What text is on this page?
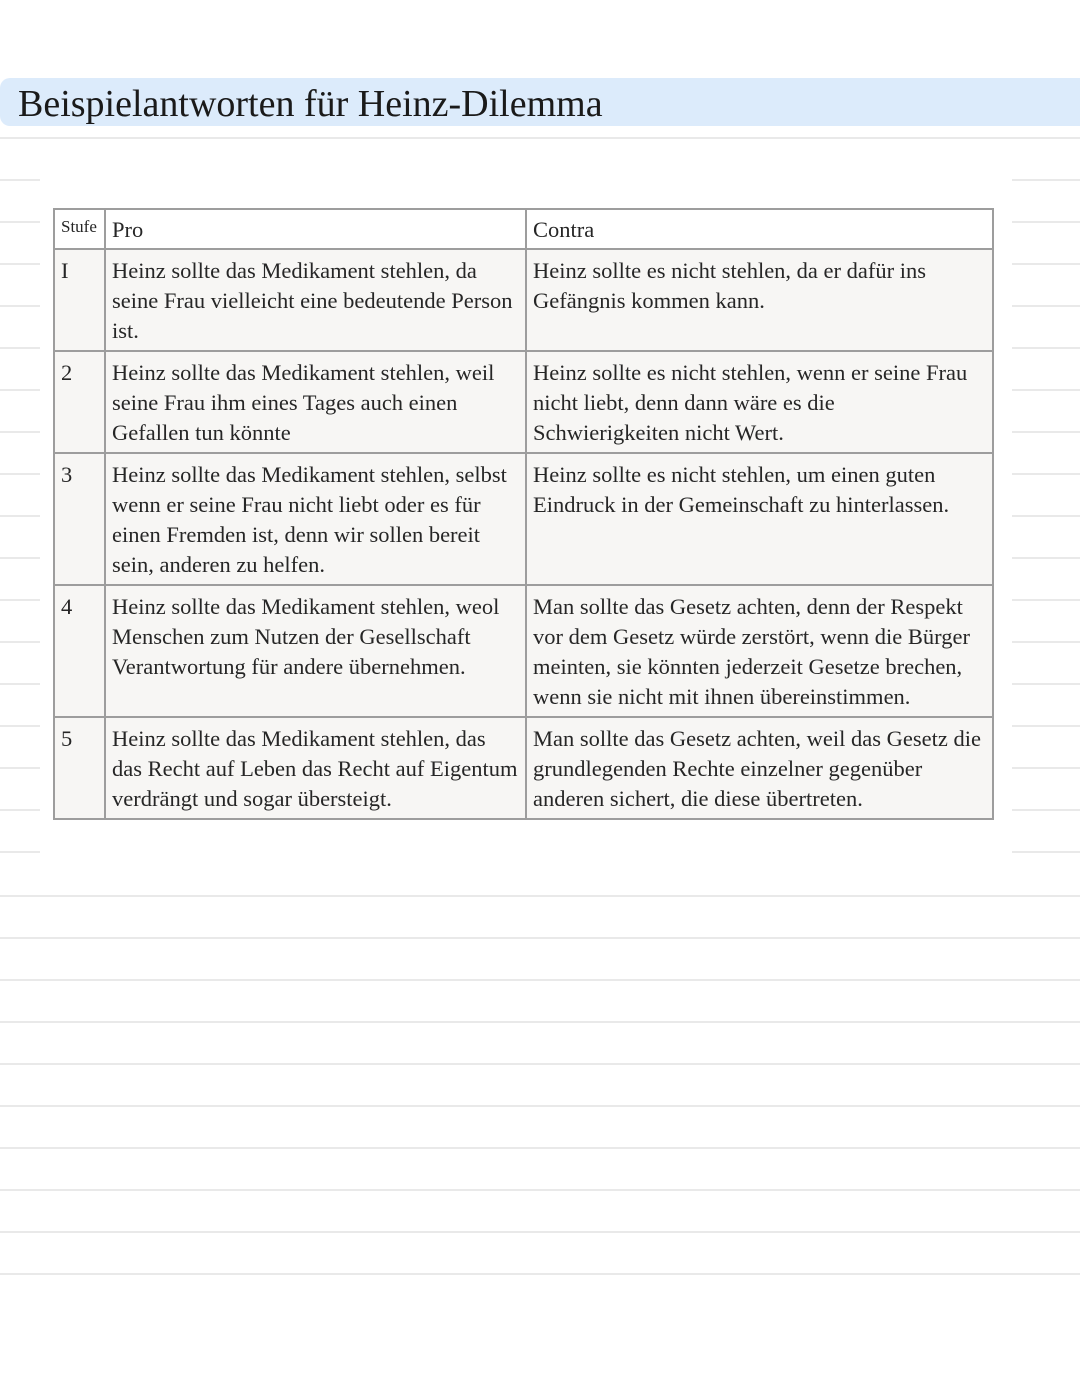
Beispielantworten für Heinz-Dilemma
Stufe	Pro	Contra
I	Heinz sollte das Medikament stehlen, da seine Frau vielleicht eine bedeutende Person ist.	Heinz sollte es nicht stehlen, da er dafür ins Gefängnis kommen kann.
2	Heinz sollte das Medikament stehlen, weil seine Frau ihm eines Tages auch einen Gefallen tun könnte	Heinz sollte es nicht stehlen, wenn er seine Frau nicht liebt, denn dann wäre es die Schwierigkeiten nicht Wert.
3	Heinz sollte das Medikament stehlen, selbst wenn er seine Frau nicht liebt oder es für einen Fremden ist, denn wir sollen bereit sein, anderen zu helfen.	Heinz sollte es nicht stehlen, um einen guten Eindruck in der Gemeinschaft zu hinterlassen.
4	Heinz sollte das Medikament stehlen, weol Menschen zum Nutzen der Gesellschaft Verantwortung für andere übernehmen.	Man sollte das Gesetz achten, denn der Respekt vor dem Gesetz würde zerstört, wenn die Bürger meinten, sie könnten jederzeit Gesetze brechen, wenn sie nicht mit ihnen übereinstimmen.
5	Heinz sollte das Medikament stehlen, das das Recht auf Leben das Recht auf Eigentum verdrängt und sogar übersteigt.	Man sollte das Gesetz achten, weil das Gesetz die grundlegenden Rechte einzelner gegenüber anderen sichert, die diese übertreten.
